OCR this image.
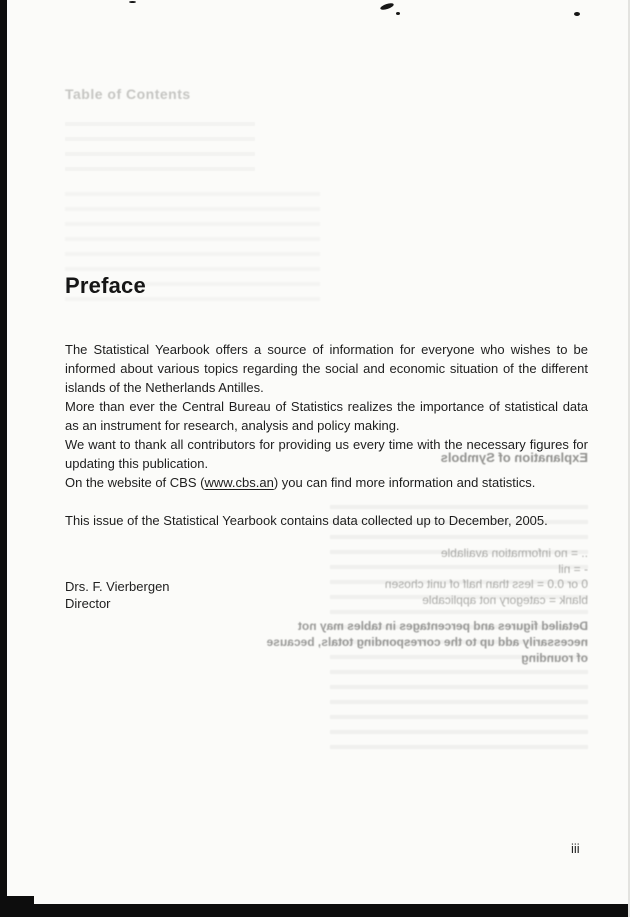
Table of Contents
Explanation of Symbols
.. = no information available
- = nil
0 or 0.0 = less than half of unit chosen
blank = category not applicable
Detailed figures and percentages in tables may not
necessarily add up to the corresponding totals, because
of rounding
Preface

The Statistical Yearbook offers a source of information for everyone who wishes to be informed about various topics regarding the social and economic situation of the different islands of the Netherlands Antilles.

More than ever the Central Bureau of Statistics realizes the importance of statistical data as an instrument for research, analysis and policy making.

We want to thank all contributors for providing us every time with the necessary figures for updating this publication.

On the website of CBS (www.cbs.an) you can find more information and statistics.

This issue of the Statistical Yearbook contains data collected up to December, 2005.

Drs. F. Vierbergen
Director
iii
